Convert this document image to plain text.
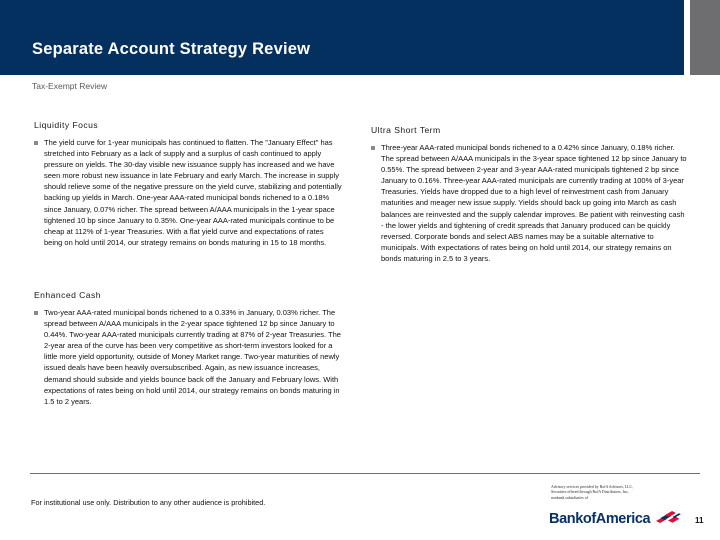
Separate Account Strategy Review
Tax-Exempt Review
Liquidity Focus
The yield curve for 1-year municipals has continued to flatten. The "January Effect" has stretched into February as a lack of supply and a surplus of cash continued to apply pressure on yields. The 30-day visible new issuance supply has increased and we have seen more robust new issuance in late February and early March. The increase in supply should relieve some of the negative pressure on the yield curve, stabilizing and potentially backing up yields in March. One-year AAA-rated municipal bonds richened to a 0.18% since January, 0.07% richer. The spread between A/AAA municipals in the 1-year space tightened 10 bp since January to 0.35%. One-year AAA-rated municipals continue to be cheap at 112% of 1-year Treasuries. With a flat yield curve and expectations of rates being on hold until 2014, our strategy remains on bonds maturing in 15 to 18 months.
Enhanced Cash
Two-year AAA-rated municipal bonds richened to a 0.33% in January, 0.03% richer. The spread between A/AAA municipals in the 2-year space tightened 12 bp since January to 0.44%. Two-year AAA-rated municipals currently trading at 87% of 2-year Treasuries. The 2-year area of the curve has been very competitive as short-term investors looked for a little more yield opportunity, outside of Money Market range. Two-year maturities of newly issued deals have been heavily oversubscribed. Again, as new issuance increases, demand should subside and yields bounce back off the January and February lows. With expectations of rates being on hold until 2014, our strategy remains on bonds maturing in 1.5 to 2 years.
Ultra Short Term
Three-year AAA-rated municipal bonds richened to a 0.42% since January, 0.18% richer. The spread between A/AAA municipals in the 3-year space tightened 12 bp since January to 0.55%. The spread between 2-year and 3-year AAA-rated municipals tightened 2 bp since January to 0.16%. Three-year AAA-rated municipals are currently trading at 100% of 3-year Treasuries. Yields have dropped due to a high level of reinvestment cash from January maturities and meager new issue supply. Yields should back up going into March as cash balances are reinvested and the supply calendar improves. Be patient with reinvesting cash - the lower yields and tightening of credit spreads that January produced can be quickly reversed. Corporate bonds and select ABS names may be a suitable alternative to municipals. With expectations of rates being on hold until 2014, our strategy remains on bonds maturing in 2.5 to 3 years.
For institutional use only. Distribution to any other audience is prohibited.
Advisory services provided by BofA Advisors, LLC,
Securities offered through BofA Distributors, Inc.,
nonbank subsidiaries of
BankofAmerica	11
